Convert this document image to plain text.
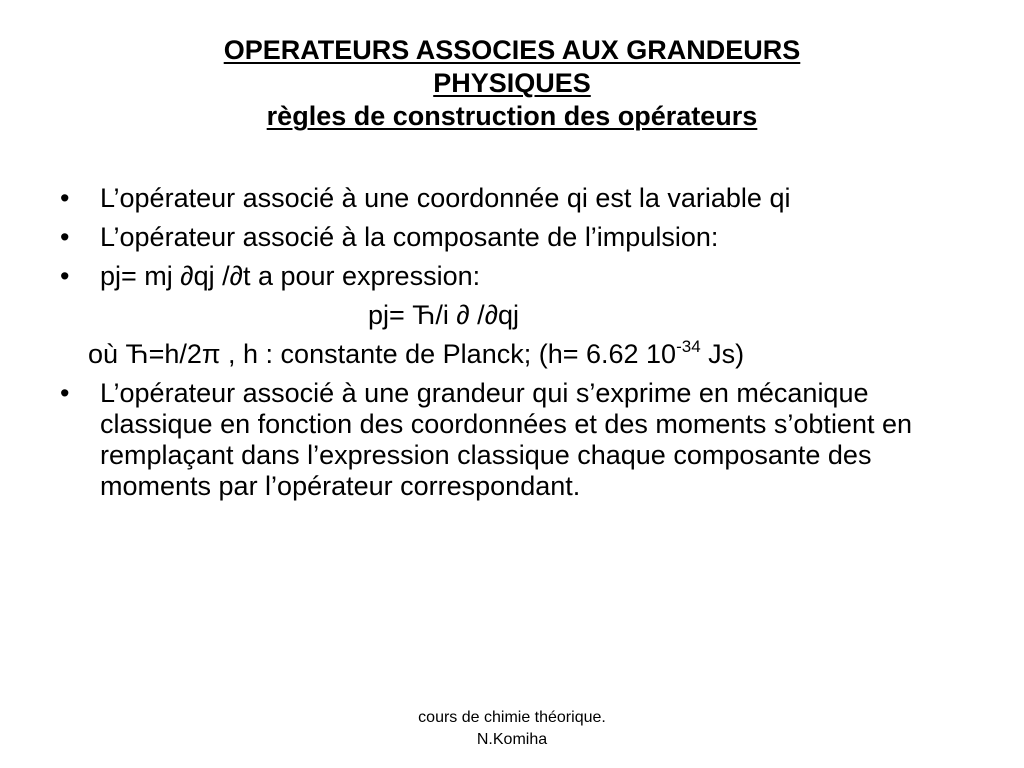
OPERATEURS ASSOCIES AUX GRANDEURS
PHYSIQUES
règles de construction des opérateurs
• L’opérateur associé à une coordonnée qi est la variable qi
• L’opérateur associé à la composante de l’impulsion:
• pj= mj ∂qj /∂t a pour expression:
pj= Ћ/i ∂ /∂qj
où Ћ=h/2π , h : constante de Planck; (h= 6.62 $10^{-34}$ Js)
• L’opérateur associé à une grandeur qui s’exprime en mécanique classique en fonction des coordonnées et des moments s’obtient en remplaçant dans l’expression classique chaque composante des moments par l’opérateur correspondant.
cours de chimie théorique.
N.Komiha
